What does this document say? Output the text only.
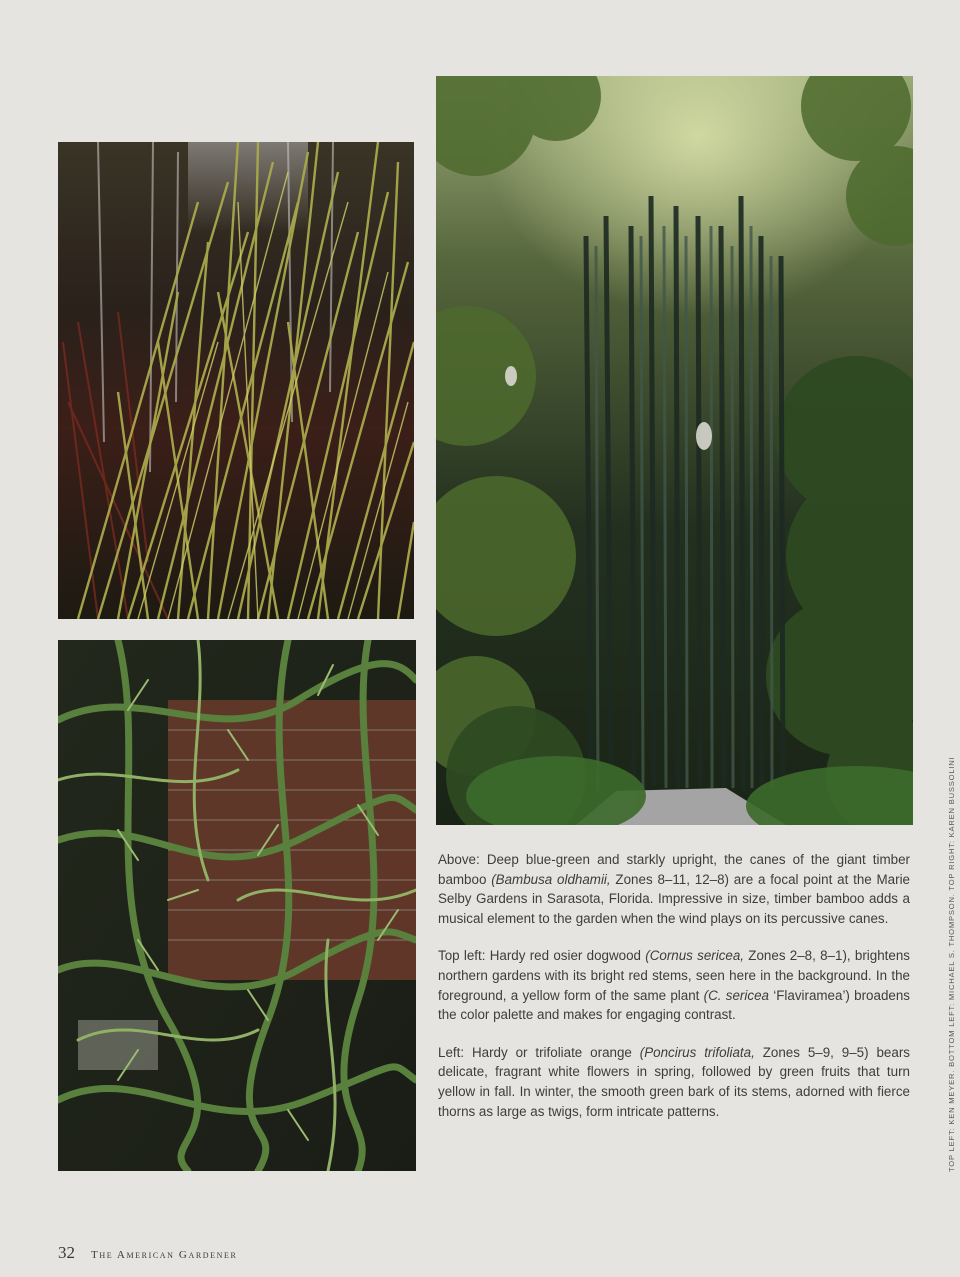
Above: Deep blue-green and starkly upright, the canes of the giant timber bamboo (Bambusa oldhamii, Zones 8–11, 12–8) are a focal point at the Marie Selby Gardens in Sarasota, Florida. Impressive in size, timber bamboo adds a musical element to the garden when the wind plays on its percussive canes.

Top left: Hardy red osier dogwood (Cornus sericea, Zones 2–8, 8–1), brightens northern gardens with its bright red stems, seen here in the background. In the foreground, a yellow form of the same plant (C. sericea ‘Flaviramea’) broadens the color palette and makes for engaging contrast.

Left: Hardy or trifoliate orange (Poncirus trifoliata, Zones 5–9, 9–5) bears delicate, fragrant white flowers in spring, followed by green fruits that turn yellow in fall. In winter, the smooth green bark of its stems, adorned with fierce thorns as large as twigs, form intricate patterns.

32 The American Gardener
TOP LEFT: KEN MEYER. BOTTOM LEFT: MICHAEL S. THOMPSON. TOP RIGHT: KAREN BUSSOLINI
